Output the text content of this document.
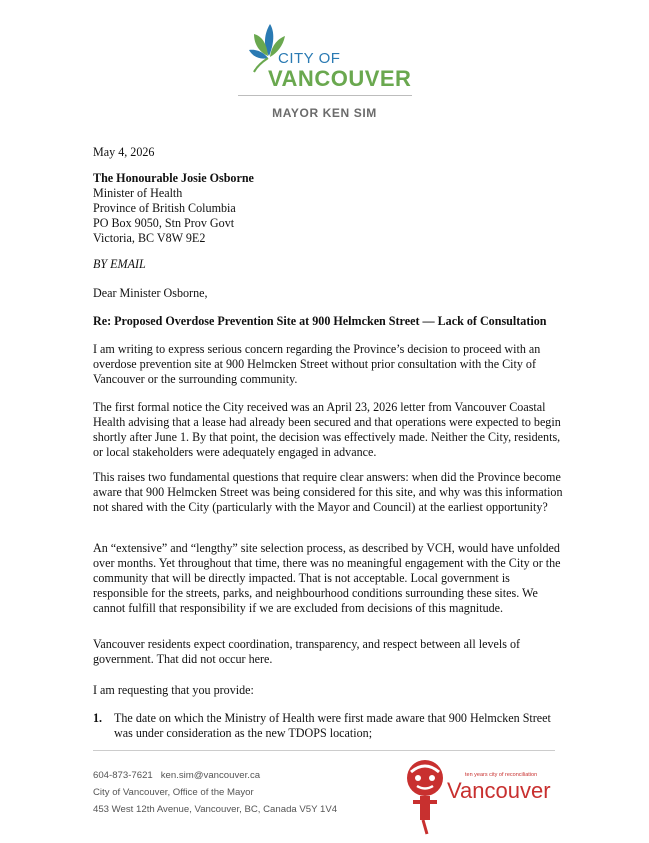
CITY OF
VANCOUVER
MAYOR KEN SIM

May 4, 2026

The Honourable Josie Osborne
Minister of Health
Province of British Columbia
PO Box 9050, Stn Prov Govt
Victoria, BC V8W 9E2

BY EMAIL

Dear Minister Osborne,

Re: Proposed Overdose Prevention Site at 900 Helmcken Street — Lack of Consultation

I am writing to express serious concern regarding the Province’s decision to proceed with an overdose prevention site at 900 Helmcken Street without prior consultation with the City of Vancouver or the surrounding community.

The first formal notice the City received was an April 23, 2026 letter from Vancouver Coastal Health advising that a lease had already been secured and that operations were expected to begin shortly after June 1. By that point, the decision was effectively made. Neither the City, residents, or local stakeholders were adequately engaged in advance.

This raises two fundamental questions that require clear answers: when did the Province become aware that 900 Helmcken Street was being considered for this site, and why was this information not shared with the City (particularly with the Mayor and Council) at the earliest opportunity?

An “extensive” and “lengthy” site selection process, as described by VCH, would have unfolded over months. Yet throughout that time, there was no meaningful engagement with the City or the community that will be directly impacted. That is not acceptable. Local government is responsible for the streets, parks, and neighbourhood conditions surrounding these sites. We cannot fulfill that responsibility if we are excluded from decisions of this magnitude.

Vancouver residents expect coordination, transparency, and respect between all levels of government. That did not occur here.

I am requesting that you provide:

1. The date on which the Ministry of Health were first made aware that 900 Helmcken Street was under consideration as the new TDOPS location;
604-873-7621 ken.sim@vancouver.ca
City of Vancouver, Office of the Mayor
453 West 12th Avenue, Vancouver, BC, Canada V5Y 1V4
ten years city of reconciliation
Vancouver
